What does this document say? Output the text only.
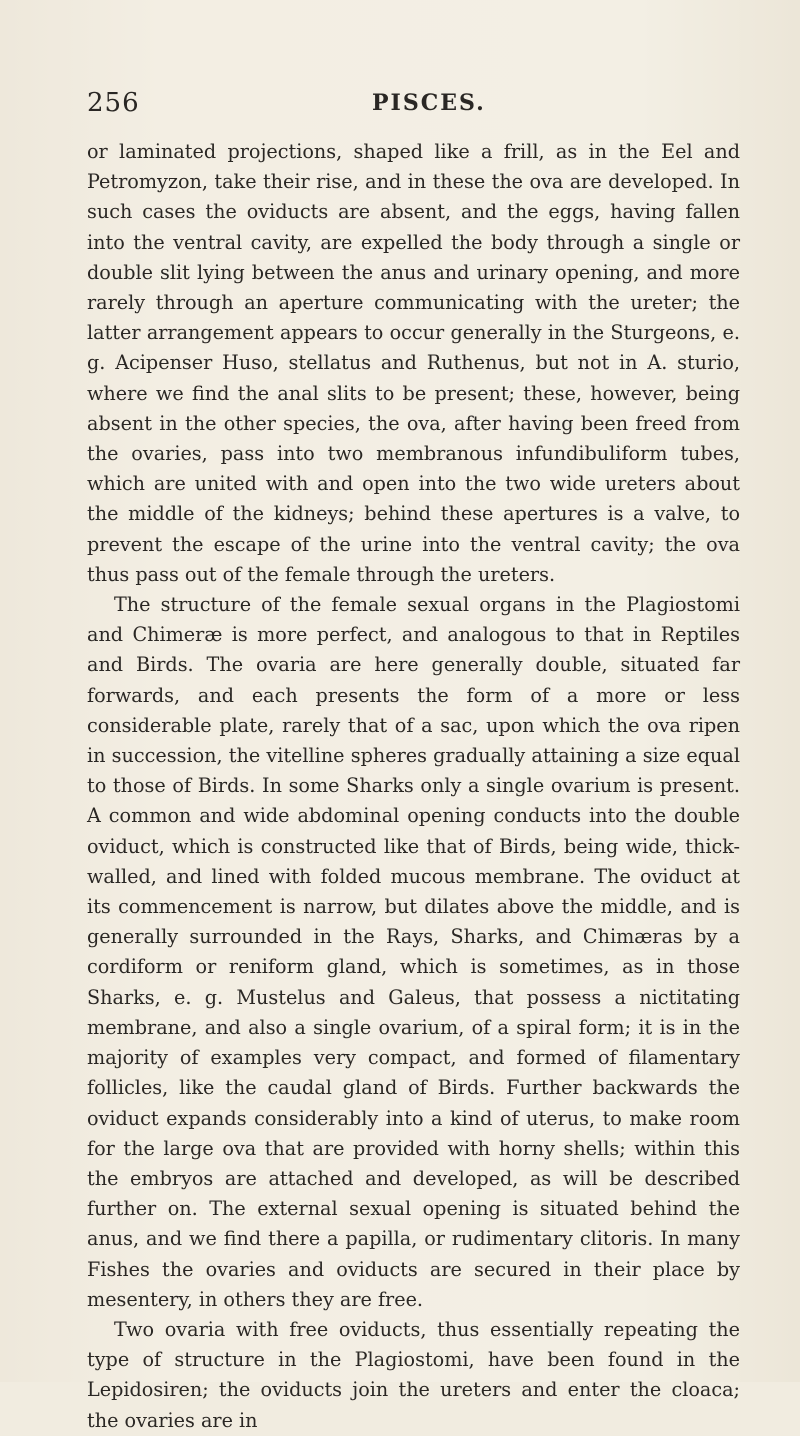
256	PISCES.

or laminated projections, shaped like a frill, as in the Eel and Petromyzon, take their rise, and in these the ova are developed. In such cases the oviducts are absent, and the eggs, having fallen into the ventral cavity, are expelled the body through a single or double slit lying between the anus and urinary opening, and more rarely through an aperture communicating with the ureter; the latter arrangement appears to occur generally in the Sturgeons, e. g. Acipenser Huso, stellatus and Ruthenus, but not in A. sturio, where we find the anal slits to be present; these, however, being absent in the other species, the ova, after having been freed from the ovaries, pass into two membranous infundibuliform tubes, which are united with and open into the two wide ureters about the middle of the kidneys; behind these apertures is a valve, to prevent the escape of the urine into the ventral cavity; the ova thus pass out of the female through the ureters.

The structure of the female sexual organs in the Plagiostomi and Chimeræ is more perfect, and analogous to that in Reptiles and Birds. The ovaria are here generally double, situated far forwards, and each presents the form of a more or less considerable plate, rarely that of a sac, upon which the ova ripen in succession, the vitelline spheres gradually attaining a size equal to those of Birds. In some Sharks only a single ovarium is present. A common and wide abdominal opening conducts into the double oviduct, which is constructed like that of Birds, being wide, thick-walled, and lined with folded mucous membrane. The oviduct at its commencement is narrow, but dilates above the middle, and is generally surrounded in the Rays, Sharks, and Chimæras by a cordiform or reniform gland, which is sometimes, as in those Sharks, e. g. Mustelus and Galeus, that possess a nictitating membrane, and also a single ovarium, of a spiral form; it is in the majority of examples very compact, and formed of filamentary follicles, like the caudal gland of Birds. Further backwards the oviduct expands considerably into a kind of uterus, to make room for the large ova that are provided with horny shells; within this the embryos are attached and developed, as will be described further on. The external sexual opening is situated behind the anus, and we find there a papilla, or rudimentary clitoris. In many Fishes the ovaries and oviducts are secured in their place by mesentery, in others they are free.

Two ovaria with free oviducts, thus essentially repeating the type of structure in the Plagiostomi, have been found in the Lepidosiren; the oviducts join the ureters and enter the cloaca; the ovaries are in
